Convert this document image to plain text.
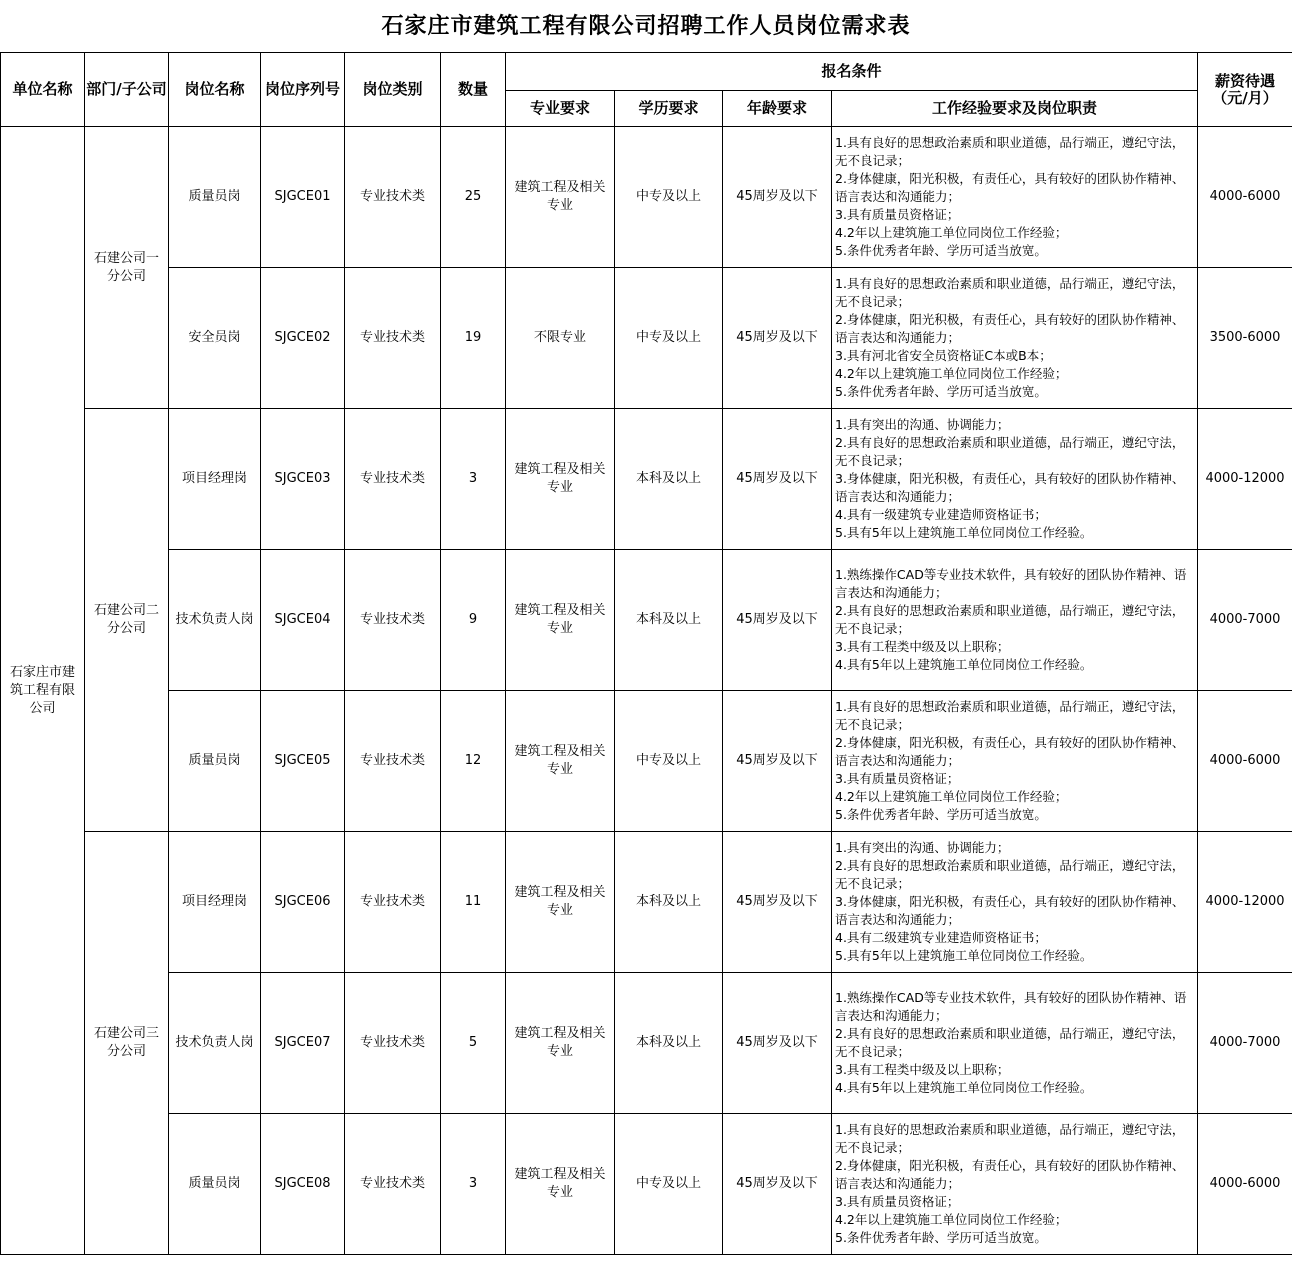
石家庄市建筑工程有限公司招聘工作人员岗位需求表
单位名称	部门/子公司	岗位名称	岗位序列号	岗位类别	数量	报名条件				薪资待遇（元/月）
						专业要求	学历要求	年龄要求	工作经验要求及岗位职责	
石家庄市建筑工程有限公司	石建公司一分公司	质量员岗	SJGCE01	专业技术类	25	建筑工程及相关专业	中专及以上	45周岁及以下	1.具有良好的思想政治素质和职业道德，品行端正，遵纪守法，无不良记录；
2.身体健康，阳光积极，有责任心，具有较好的团队协作精神、语言表达和沟通能力；
3.具有质量员资格证；
4.2年以上建筑施工单位同岗位工作经验；
5.条件优秀者年龄、学历可适当放宽。	4000-6000
		安全员岗	SJGCE02	专业技术类	19	不限专业	中专及以上	45周岁及以下	1.具有良好的思想政治素质和职业道德，品行端正，遵纪守法，无不良记录；
2.身体健康，阳光积极，有责任心，具有较好的团队协作精神、语言表达和沟通能力；
3.具有河北省安全员资格证C本或B本；
4.2年以上建筑施工单位同岗位工作经验；
5.条件优秀者年龄、学历可适当放宽。	3500-6000
	石建公司二分公司	项目经理岗	SJGCE03	专业技术类	3	建筑工程及相关专业	本科及以上	45周岁及以下	1.具有突出的沟通、协调能力；
2.具有良好的思想政治素质和职业道德，品行端正，遵纪守法，无不良记录；
3.身体健康，阳光积极，有责任心，具有较好的团队协作精神、语言表达和沟通能力；
4.具有一级建筑专业建造师资格证书；
5.具有5年以上建筑施工单位同岗位工作经验。	4000-12000
		技术负责人岗	SJGCE04	专业技术类	9	建筑工程及相关专业	本科及以上	45周岁及以下	1.熟练操作CAD等专业技术软件，具有较好的团队协作精神、语言表达和沟通能力；
2.具有良好的思想政治素质和职业道德，品行端正，遵纪守法，无不良记录；
3.具有工程类中级及以上职称；
4.具有5年以上建筑施工单位同岗位工作经验。	4000-7000
		质量员岗	SJGCE05	专业技术类	12	建筑工程及相关专业	中专及以上	45周岁及以下	1.具有良好的思想政治素质和职业道德，品行端正，遵纪守法，无不良记录；
2.身体健康，阳光积极，有责任心，具有较好的团队协作精神、语言表达和沟通能力；
3.具有质量员资格证；
4.2年以上建筑施工单位同岗位工作经验；
5.条件优秀者年龄、学历可适当放宽。	4000-6000
	石建公司三分公司	项目经理岗	SJGCE06	专业技术类	11	建筑工程及相关专业	本科及以上	45周岁及以下	1.具有突出的沟通、协调能力；
2.具有良好的思想政治素质和职业道德，品行端正，遵纪守法，无不良记录；
3.身体健康，阳光积极，有责任心，具有较好的团队协作精神、语言表达和沟通能力；
4.具有二级建筑专业建造师资格证书；
5.具有5年以上建筑施工单位同岗位工作经验。	4000-12000
		技术负责人岗	SJGCE07	专业技术类	5	建筑工程及相关专业	本科及以上	45周岁及以下	1.熟练操作CAD等专业技术软件，具有较好的团队协作精神、语言表达和沟通能力；
2.具有良好的思想政治素质和职业道德，品行端正，遵纪守法，无不良记录；
3.具有工程类中级及以上职称；
4.具有5年以上建筑施工单位同岗位工作经验。	4000-7000
		质量员岗	SJGCE08	专业技术类	3	建筑工程及相关专业	中专及以上	45周岁及以下	1.具有良好的思想政治素质和职业道德，品行端正，遵纪守法，无不良记录；
2.身体健康，阳光积极，有责任心，具有较好的团队协作精神、语言表达和沟通能力；
3.具有质量员资格证；
4.2年以上建筑施工单位同岗位工作经验；
5.条件优秀者年龄、学历可适当放宽。	4000-6000
